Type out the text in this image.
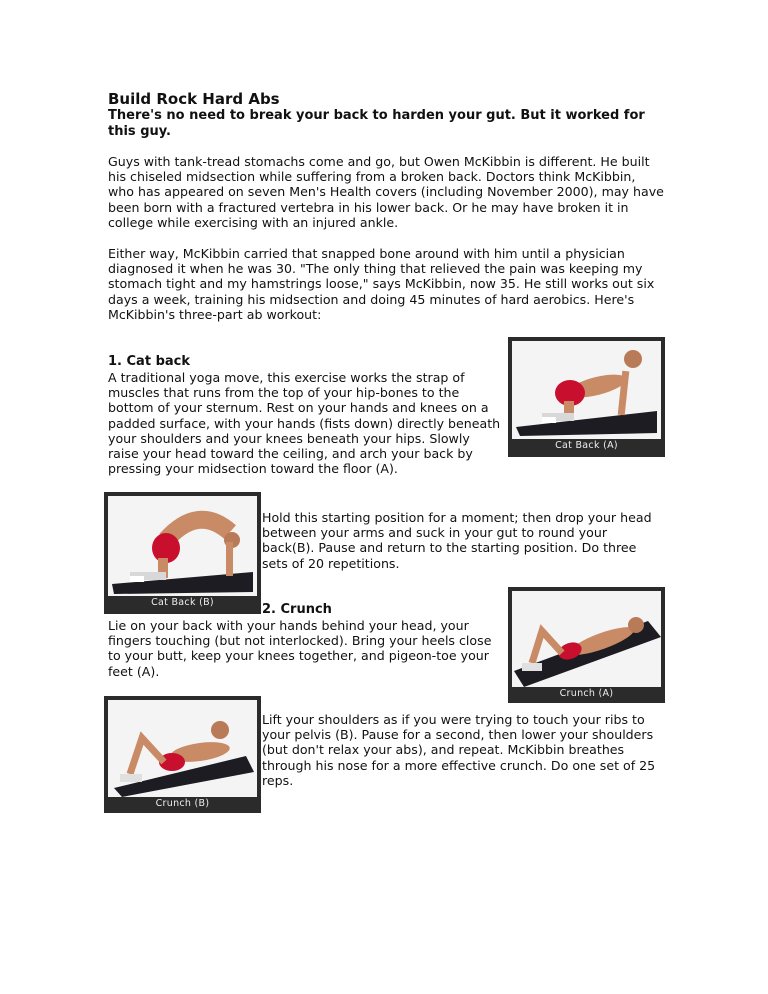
Build Rock Hard Abs
There's no need to break your back to harden your gut. But it worked for this guy.

Guys with tank-tread stomachs come and go, but Owen McKibbin is different. He built his chiseled midsection while suffering from a broken back. Doctors think McKibbin, who has appeared on seven Men's Health covers (including November 2000), may have been born with a fractured vertebra in his lower back. Or he may have broken it in college while exercising with an injured ankle.

Either way, McKibbin carried that snapped bone around with him until a physician diagnosed it when he was 30. "The only thing that relieved the pain was keeping my stomach tight and my hamstrings loose," says McKibbin, now 35. He still works out six days a week, training his midsection and doing 45 minutes of hard aerobics. Here's McKibbin's three-part ab workout:

1. Cat back

A traditional yoga move, this exercise works the strap of muscles that runs from the top of your hip-bones to the bottom of your sternum. Rest on your hands and knees on a padded surface, with your hands (fists down) directly beneath your shoulders and your knees beneath your hips. Slowly raise your head toward the ceiling, and arch your back by pressing your midsection toward the floor (A).

Cat Back (A)
Cat Back (B)

Hold this starting position for a moment; then drop your head between your arms and suck in your gut to round your back(B). Pause and return to the starting position. Do three sets of 20 repetitions.

2. Crunch

Lie on your back with your hands behind your head, your fingers touching (but not interlocked). Bring your heels close to your butt, keep your knees together, and pigeon-toe your feet (A).

Crunch (A)
Crunch (B)

Lift your shoulders as if you were trying to touch your ribs to your pelvis (B). Pause for a second, then lower your shoulders (but don't relax your abs), and repeat. McKibbin breathes through his nose for a more effective crunch. Do one set of 25 reps.
